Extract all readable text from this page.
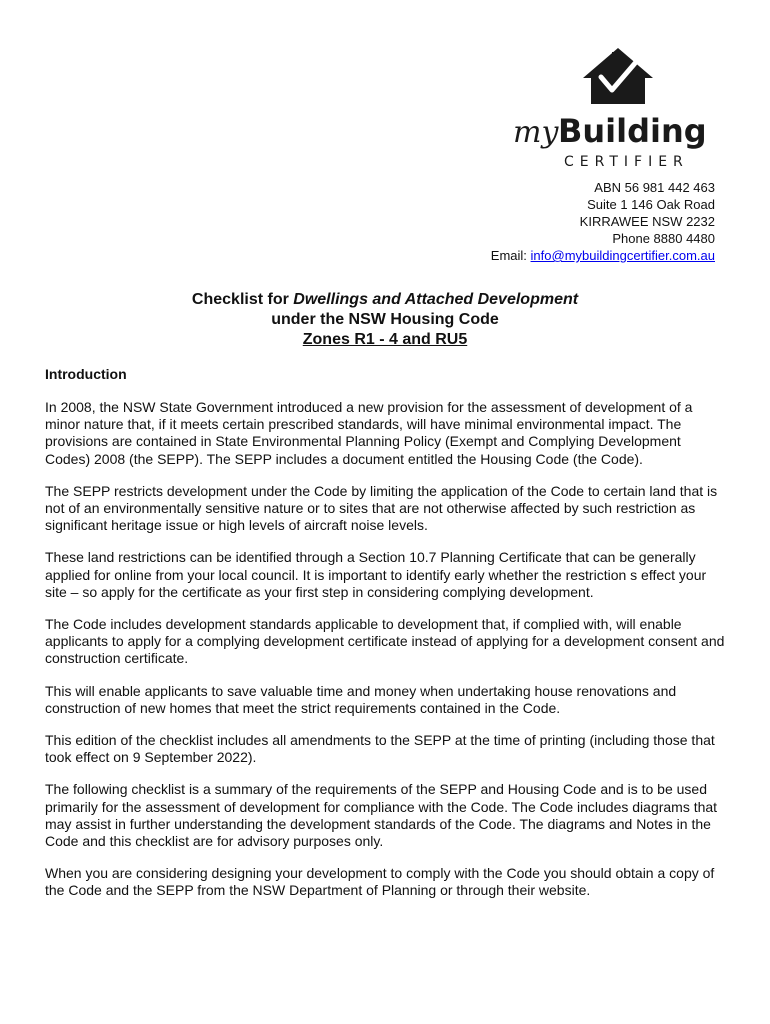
my Building
CERTIFIER
ABN 56 981 442 463
Suite 1 146 Oak Road
KIRRAWEE NSW 2232
Phone 8880 4480
Email: info@mybuildingcertifier.com.au
Checklist for Dwellings and Attached Development
under the NSW Housing Code
Zones R1 - 4 and RU5
Introduction

In 2008, the NSW State Government introduced a new provision for the assessment of development of a minor nature that, if it meets certain prescribed standards, will have minimal environmental impact. The provisions are contained in State Environmental Planning Policy (Exempt and Complying Development Codes) 2008 (the SEPP). The SEPP includes a document entitled the Housing Code (the Code).

The SEPP restricts development under the Code by limiting the application of the Code to certain land that is not of an environmentally sensitive nature or to sites that are not otherwise affected by such restriction as significant heritage issue or high levels of aircraft noise levels.

These land restrictions can be identified through a Section 10.7 Planning Certificate that can be generally applied for online from your local council. It is important to identify early whether the restriction s effect your site – so apply for the certificate as your first step in considering complying development.

The Code includes development standards applicable to development that, if complied with, will enable applicants to apply for a complying development certificate instead of applying for a development consent and construction certificate.

This will enable applicants to save valuable time and money when undertaking house renovations and construction of new homes that meet the strict requirements contained in the Code.

This edition of the checklist includes all amendments to the SEPP at the time of printing (including those that took effect on 9 September 2022).

The following checklist is a summary of the requirements of the SEPP and Housing Code and is to be used primarily for the assessment of development for compliance with the Code. The Code includes diagrams that may assist in further understanding the development standards of the Code. The diagrams and Notes in the Code and this checklist are for advisory purposes only.

When you are considering designing your development to comply with the Code you should obtain a copy of the Code and the SEPP from the NSW Department of Planning or through their website.
